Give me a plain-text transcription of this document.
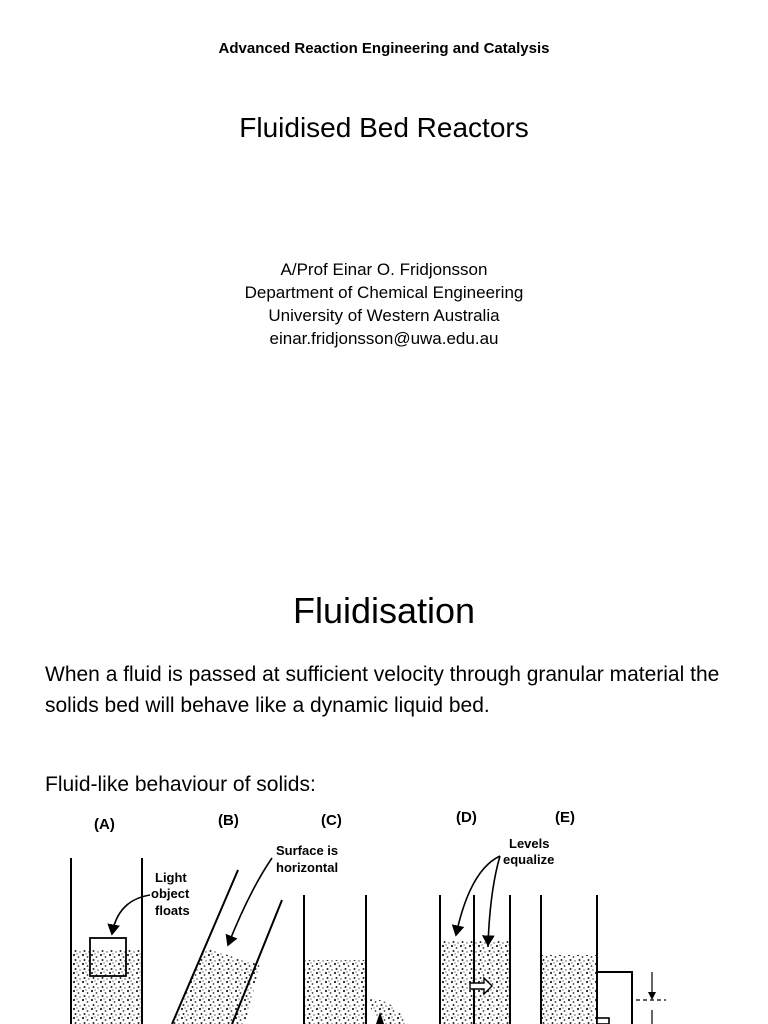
Advanced Reaction Engineering and Catalysis
Fluidised Bed Reactors
A/Prof Einar O. Fridjonsson
Department of Chemical Engineering
University of Western Australia
einar.fridjonsson@uwa.edu.au
Fluidisation
When a fluid is passed at sufficient velocity through granular material the solids bed will behave like a dynamic liquid bed.
Fluid-like behaviour of solids:
(A)	(B)	(C)	(D)	(E)
Light
object
floats
Surface is
horizontal
Levels
equalize
